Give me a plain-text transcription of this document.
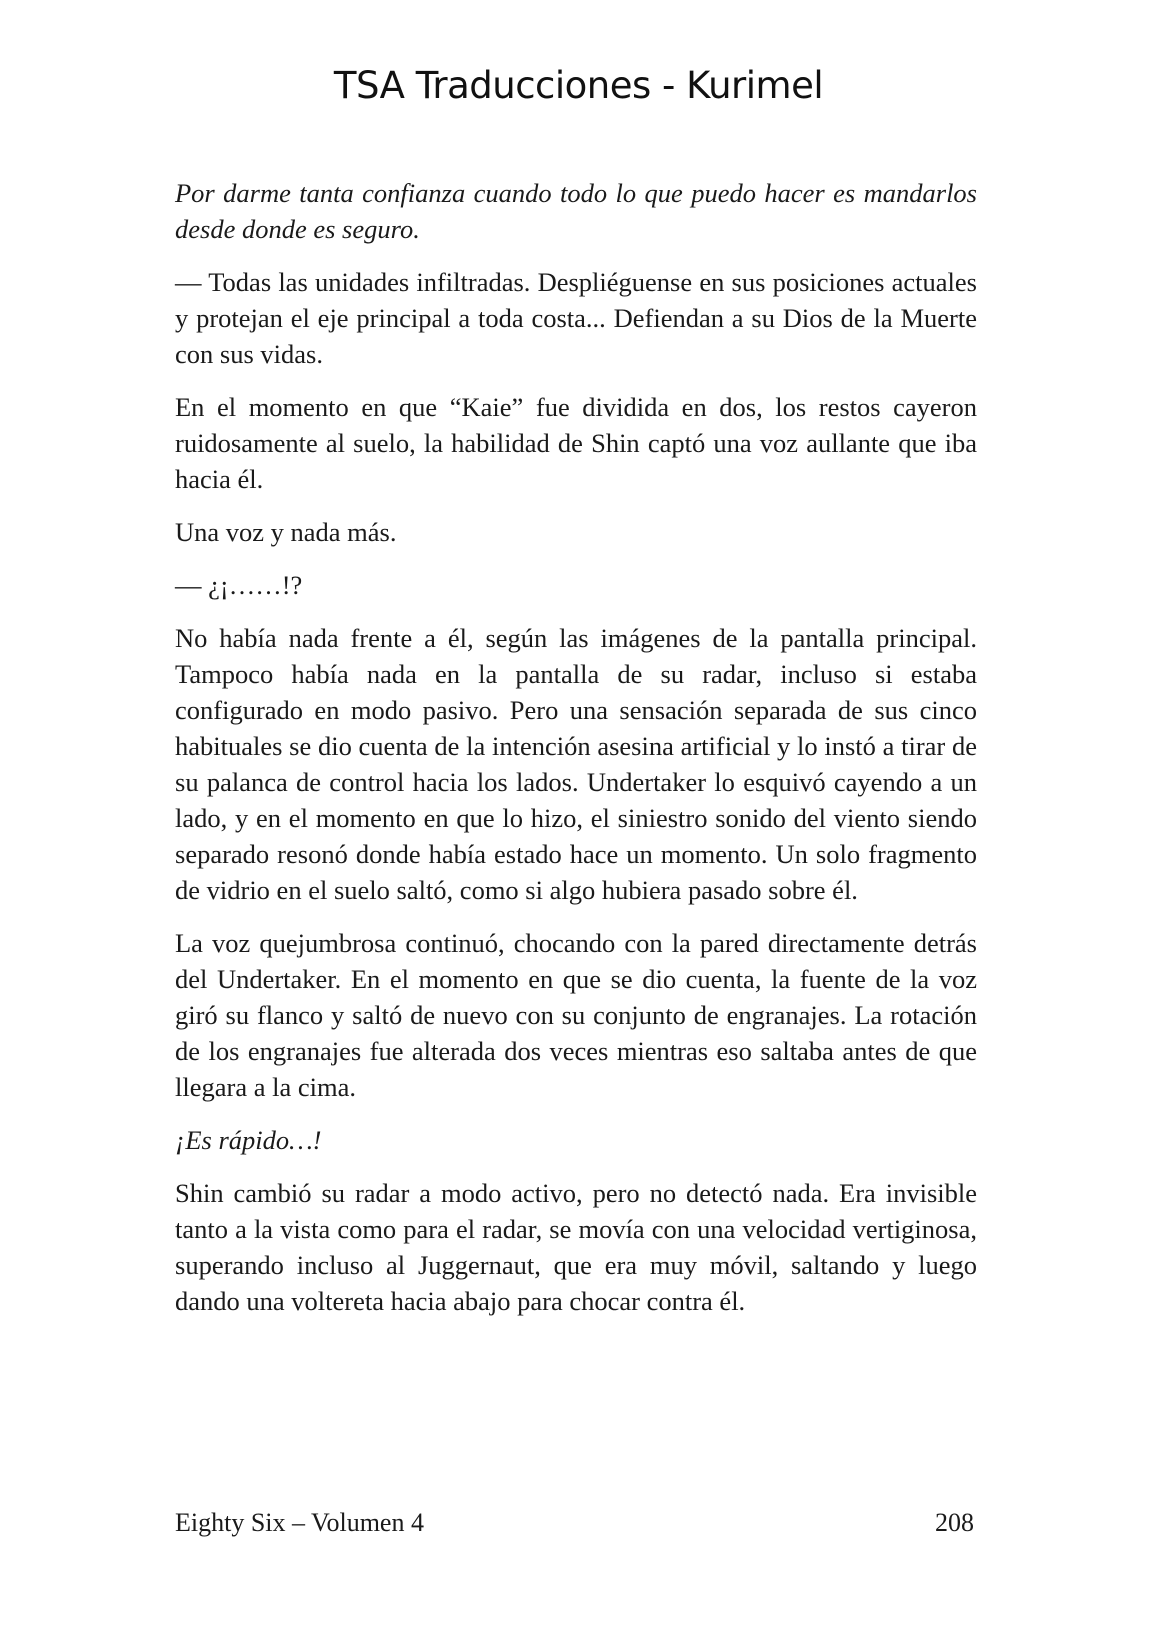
TSA Traducciones - Kurimel

Por darme tanta confianza cuando todo lo que puedo hacer es mandarlos desde donde es seguro.

— Todas las unidades infiltradas. Despliéguense en sus posiciones actuales y protejan el eje principal a toda costa... Defiendan a su Dios de la Muerte con sus vidas.

En el momento en que “Kaie” fue dividida en dos, los restos cayeron ruidosamente al suelo, la habilidad de Shin captó una voz aullante que iba hacia él.

Una voz y nada más.

— ¿¡……!?

No había nada frente a él, según las imágenes de la pantalla principal. Tampoco había nada en la pantalla de su radar, incluso si estaba configurado en modo pasivo. Pero una sensación separada de sus cinco habituales se dio cuenta de la intención asesina artificial y lo instó a tirar de su palanca de control hacia los lados. Undertaker lo esquivó cayendo a un lado, y en el momento en que lo hizo, el siniestro sonido del viento siendo separado resonó donde había estado hace un momento. Un solo fragmento de vidrio en el suelo saltó, como si algo hubiera pasado sobre él.

La voz quejumbrosa continuó, chocando con la pared directamente detrás del Undertaker. En el momento en que se dio cuenta, la fuente de la voz giró su flanco y saltó de nuevo con su conjunto de engranajes. La rotación de los engranajes fue alterada dos veces mientras eso saltaba antes de que llegara a la cima.

¡Es rápido…!

Shin cambió su radar a modo activo, pero no detectó nada. Era invisible tanto a la vista como para el radar, se movía con una velocidad vertiginosa, superando incluso al Juggernaut, que era muy móvil, saltando y luego dando una voltereta hacia abajo para chocar contra él.

Eighty Six – Volumen 4	208
